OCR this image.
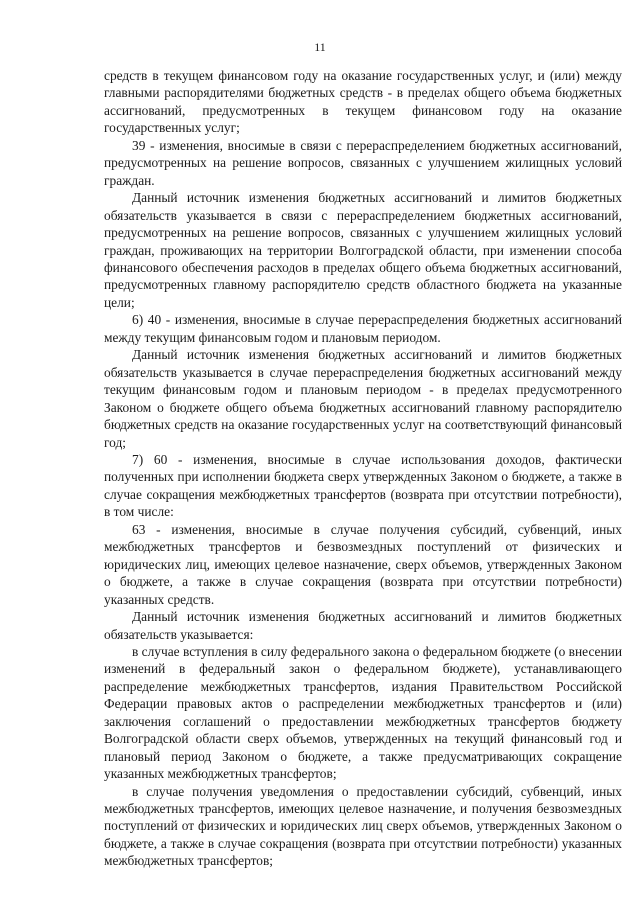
11

средств в текущем финансовом году на оказание государственных услуг, и (или) между главными распорядителями бюджетных средств - в пределах общего объема бюджетных ассигнований, предусмотренных в текущем финансовом году на оказание государственных услуг;

39 - изменения, вносимые в связи с перераспределением бюджетных ассигнований, предусмотренных на решение вопросов, связанных с улучшением жилищных условий граждан.

Данный источник изменения бюджетных ассигнований и лимитов бюджетных обязательств указывается в связи с перераспределением бюджетных ассигнований, предусмотренных на решение вопросов, связанных с улучшением жилищных условий граждан, проживающих на территории Волгоградской области, при изменении способа финансового обеспечения расходов в пределах общего объема бюджетных ассигнований, предусмотренных главному распорядителю средств областного бюджета на указанные цели;

6) 40 - изменения, вносимые в случае перераспределения бюджетных ассигнований между текущим финансовым годом и плановым периодом.

Данный источник изменения бюджетных ассигнований и лимитов бюджетных обязательств указывается в случае перераспределения бюджетных ассигнований между текущим финансовым годом и плановым периодом - в пределах предусмотренного Законом о бюджете общего объема бюджетных ассигнований главному распорядителю бюджетных средств на оказание государственных услуг на соответствующий финансовый год;

7) 60 - изменения, вносимые в случае использования доходов, фактически полученных при исполнении бюджета сверх утвержденных Законом о бюджете, а также в случае сокращения межбюджетных трансфертов (возврата при отсутствии потребности), в том числе:

63 - изменения, вносимые в случае получения субсидий, субвенций, иных межбюджетных трансфертов и безвозмездных поступлений от физических и юридических лиц, имеющих целевое назначение, сверх объемов, утвержденных Законом о бюджете, а также в случае сокращения (возврата при отсутствии потребности) указанных средств.

Данный источник изменения бюджетных ассигнований и лимитов бюджетных обязательств указывается:

в случае вступления в силу федерального закона о федеральном бюджете (о внесении изменений в федеральный закон о федеральном бюджете), устанавливающего распределение межбюджетных трансфертов, издания Правительством Российской Федерации правовых актов о распределении межбюджетных трансфертов и (или) заключения соглашений о предоставлении межбюджетных трансфертов бюджету Волгоградской области сверх объемов, утвержденных на текущий финансовый год и плановый период Законом о бюджете, а также предусматривающих сокращение указанных межбюджетных трансфертов;

в случае получения уведомления о предоставлении субсидий, субвенций, иных межбюджетных трансфертов, имеющих целевое назначение, и получения безвозмездных поступлений от физических и юридических лиц сверх объемов, утвержденных Законом о бюджете, а также в случае сокращения (возврата при отсутствии потребности) указанных межбюджетных трансфертов;
